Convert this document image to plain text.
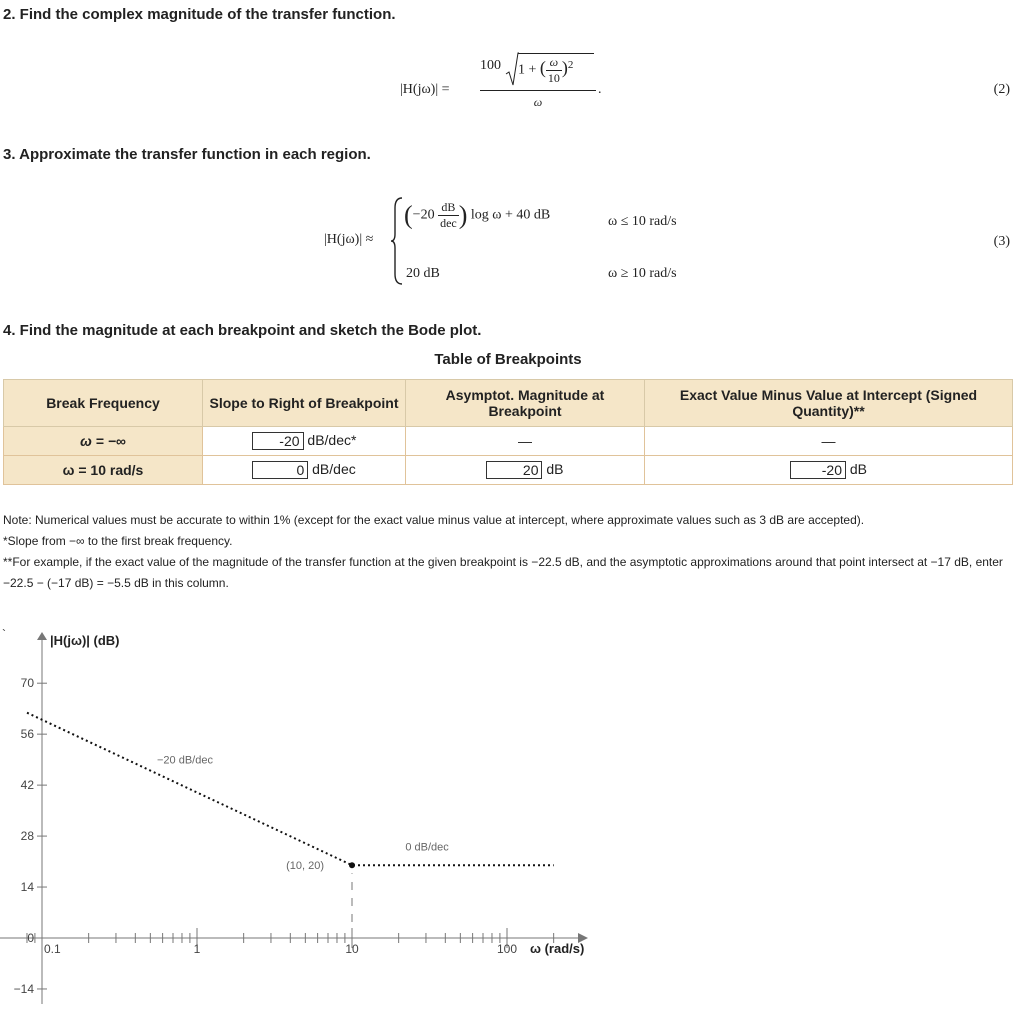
2. Find the complex magnitude of the transfer function.
|H(jω)| =
100 1 + ( $\frac{\omega}{10} )^2$
ω
.	(2)
3. Approximate the transfer function in each region.
|H(jω)| ≈
($-20 \frac{dB}{\text{dec}}$ ) log ω + 40 dB	ω ≤ 10 rad/s
20 dB	ω ≥ 10 rad/s
(3)
4. Find the magnitude at each breakpoint and sketch the Bode plot.
Table of Breakpoints
Break Frequency	Slope to Right of Breakpoint	Asymptot. Magnitude at Breakpoint	Exact Value Minus Value at Intercept (Signed Quantity)**
ω = −∞	-20 dB/dec*	—	—
ω = 10 rad/s	0 dB/dec	20 dB	-20 dB
Note: Numerical values must be accurate to within 1% (except for the exact value minus value at intercept, where approximate values such as 3 dB are accepted).
*Slope from −∞ to the first break frequency.
**For example, if the exact value of the magnitude of the transfer function at the given breakpoint is −22.5 dB, and the asymptotic approximations around that point intersect at −17 dB, enter −22.5 − (−17 dB) = −5.5 dB in this column.
|H(jω)| (dB)
ω (rad/s)
`
70
56
42
28
14
0
−14
0.1	1	10	100
(10, 20)
−20 dB/dec
0 dB/dec
